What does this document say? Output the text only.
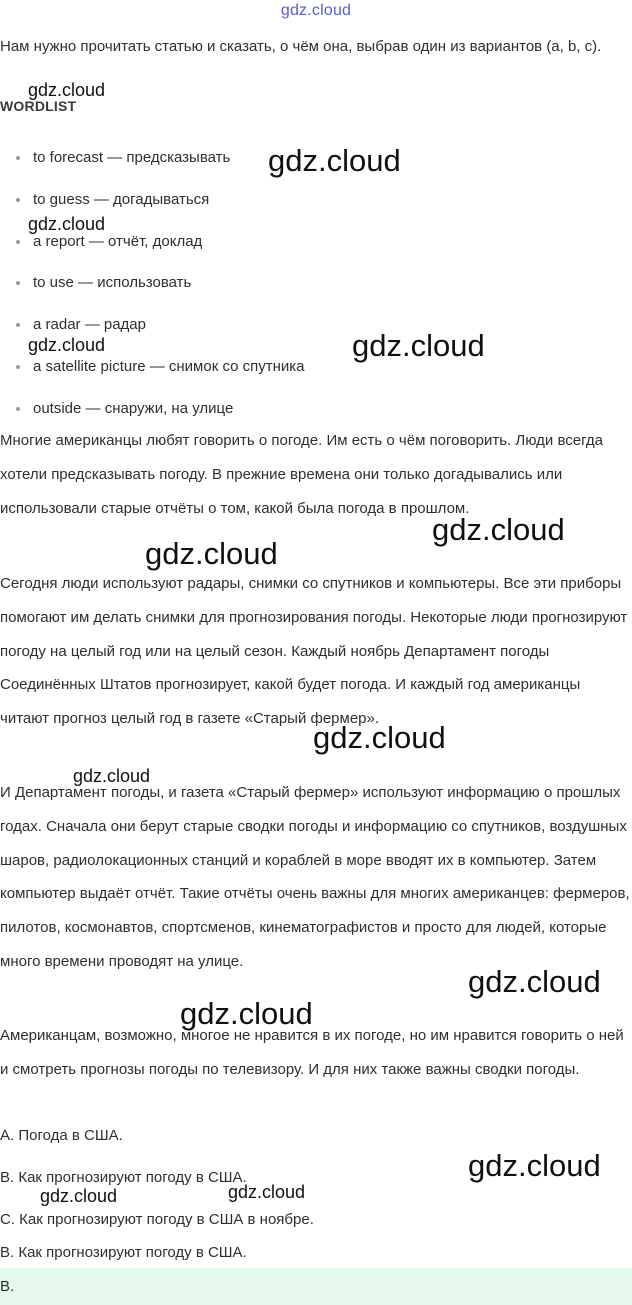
gdz.cloud

Нам нужно прочитать статью и сказать, о чём она, выбрав один из вариантов (a, b, c).

WORDLIST
to forecast — предсказывать
to guess — догадываться
a report — отчёт, доклад
to use — использовать
a radar — радар
a satellite picture — снимок со спутника
outside — снаружи, на улице

Многие американцы любят говорить о погоде. Им есть о чём поговорить. Люди всегда хотели предсказывать погоду. В прежние времена они только догадывались или использовали старые отчёты о том, какой была погода в прошлом.

Сегодня люди используют радары, снимки со спутников и компьютеры. Все эти приборы помогают им делать снимки для прогнозирования погоды. Некоторые люди прогнозируют погоду на целый год или на целый сезон. Каждый ноябрь Департамент погоды Соединённых Штатов прогнозирует, какой будет погода. И каждый год американцы читают прогноз целый год в газете «Старый фермер».

И Департамент погоды, и газета «Старый фермер» используют информацию о прошлых годах. Сначала они берут старые сводки погоды и информацию со спутников, воздушных шаров, радиолокационных станций и кораблей в море вводят их в компьютер. Затем компьютер выдаёт отчёт. Такие отчёты очень важны для многих американцев: фермеров, пилотов, космонавтов, спортсменов, кинематографистов и просто для людей, которые много времени проводят на улице.

Американцам, возможно, многое не нравится в их погоде, но им нравится говорить о ней и смотреть прогнозы погоды по телевизору. И для них также важны сводки погоды.

А. Погода в США.

В. Как прогнозируют погоду в США.

С. Как прогнозируют погоду в США в ноябре.

В. Как прогнозируют погоду в США.

В.
gdz.cloud
gdz.cloud
gdz.cloud
gdz.cloud	gdz.cloud
gdz.cloud
gdz.cloud
gdz.cloud
gdz.cloud
gdz.cloud
gdz.cloud
gdz.cloud
gdz.cloud	gdz.cloud
